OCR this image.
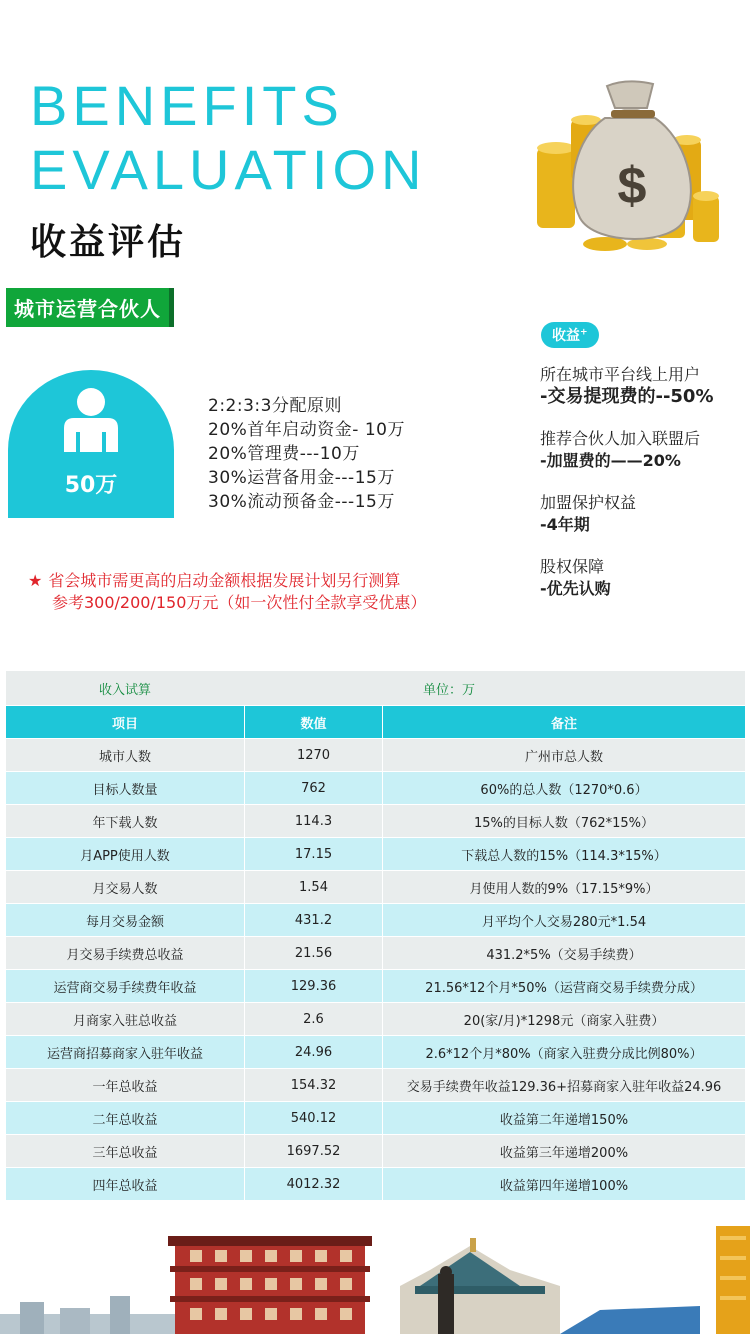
BENEFITS
EVALUATION
收益评估
城市运营合伙人
$
50万
2:2:3:3分配原则
20%首年启动资金- 10万
20%管理费---10万
30%运营备用金---15万
30%流动预备金---15万
★ 省会城市需更高的启动金额根据发展计划另行测算
参考300/200/150万元（如一次性付全款享受优惠）
收益+
所在城市平台线上用户
-交易提现费的--50%
推荐合伙人加入联盟后
-加盟费的——20%
加盟保护权益
-4年期
股权保障
-优先认购
收入试算	单位：万
项目	数值	备注
城市人数	1270	广州市总人数
目标人数量	762	60%的总人数（1270*0.6）
年下载人数	114.3	15%的目标人数（762*15%）
月APP使用人数	17.15	下载总人数的15%（114.3*15%）
月交易人数	1.54	月使用人数的9%（17.15*9%）
每月交易金额	431.2	月平均个人交易280元*1.54
月交易手续费总收益	21.56	431.2*5%（交易手续费）
运营商交易手续费年收益	129.36	21.56*12个月*50%（运营商交易手续费分成）
月商家入驻总收益	2.6	20(家/月)*1298元（商家入驻费）
运营商招募商家入驻年收益	24.96	2.6*12个月*80%（商家入驻费分成比例80%）
一年总收益	154.32	交易手续费年收益129.36+招募商家入驻年收益24.96
二年总收益	540.12	收益第二年递增150%
三年总收益	1697.52	收益第三年递增200%
四年总收益	4012.32	收益第四年递增100%
